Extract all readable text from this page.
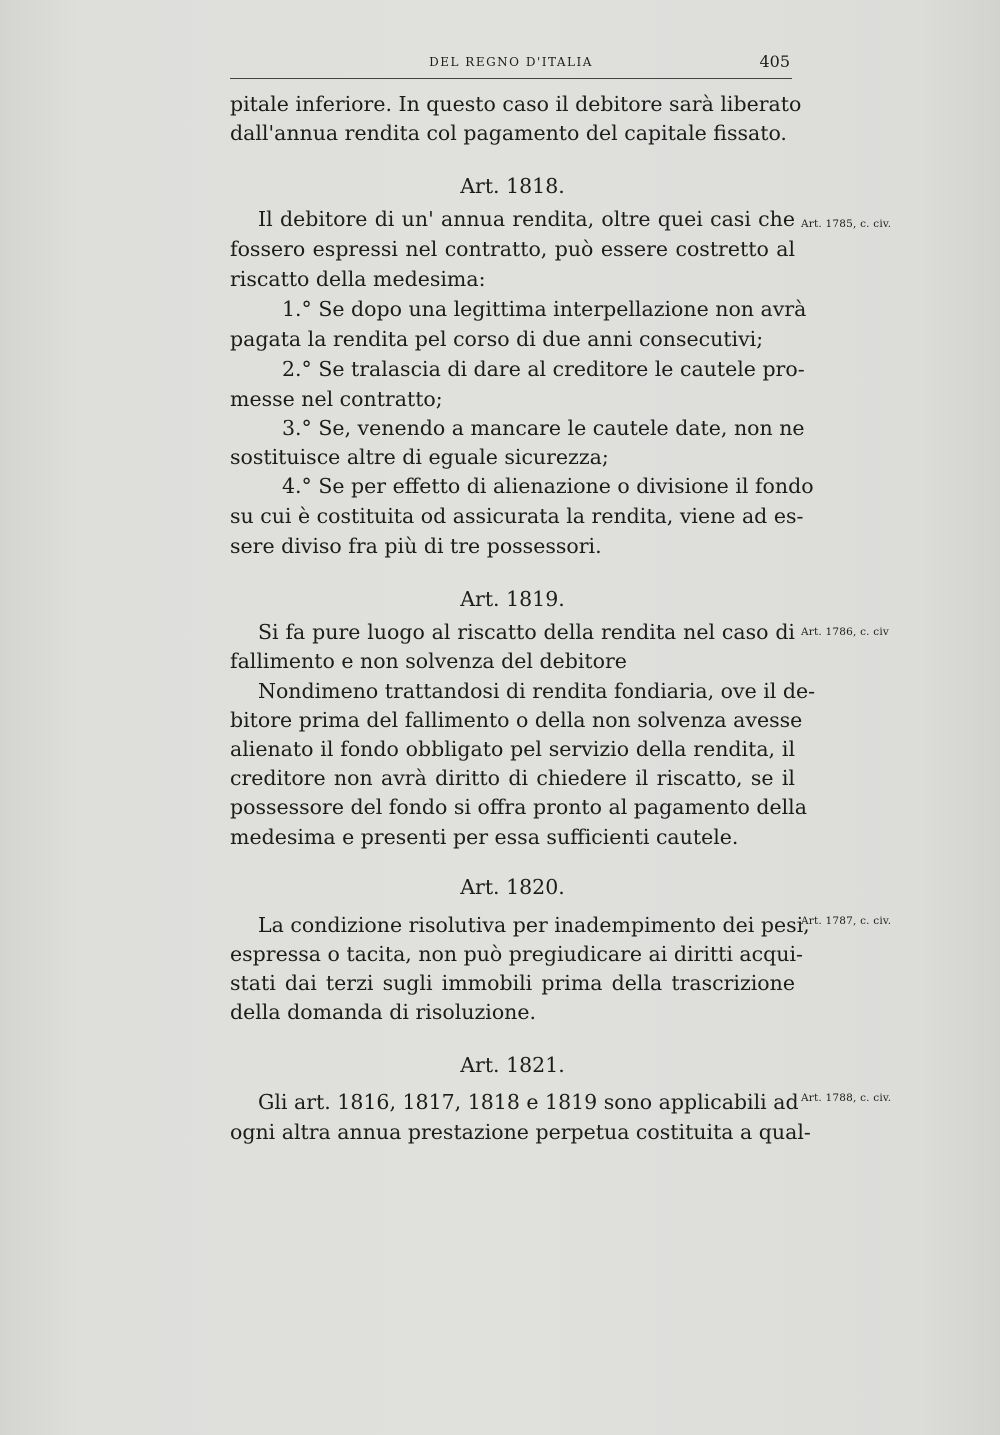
DEL REGNO D'ITALIA	405
pitale inferiore. In questo caso il debitore sarà liberato
dall'annua rendita col pagamento del capitale fissato.
Art. 1818.
Il debitore di un' annua rendita, oltre quei casi che
fossero espressi nel contratto, può essere costretto al
riscatto della medesima:
1.° Se dopo una legittima interpellazione non avrà
pagata la rendita pel corso di due anni consecutivi;
2.° Se tralascia di dare al creditore le cautele pro-
messe nel contratto;
3.° Se, venendo a mancare le cautele date, non ne
sostituisce altre di eguale sicurezza;
4.° Se per effetto di alienazione o divisione il fondo
su cui è costituita od assicurata la rendita, viene ad es-
sere diviso fra più di tre possessori.
Art. 1819.
Si fa pure luogo al riscatto della rendita nel caso di
fallimento e non solvenza del debitore
Nondimeno trattandosi di rendita fondiaria, ove il de-
bitore prima del fallimento o della non solvenza avesse
alienato il fondo obbligato pel servizio della rendita, il
creditore non avrà diritto di chiedere il riscatto, se il
possessore del fondo si offra pronto al pagamento della
medesima e presenti per essa sufficienti cautele.
Art. 1820.
La condizione risolutiva per inadempimento dei pesi,
espressa o tacita, non può pregiudicare ai diritti acqui-
stati dai terzi sugli immobili prima della trascrizione
della domanda di risoluzione.
Art. 1821.
Gli art. 1816, 1817, 1818 e 1819 sono applicabili ad
ogni altra annua prestazione perpetua costituita a qual-
Art. 1785, c. civ.
Art. 1786, c. civ
Art. 1787, c. civ.
Art. 1788, c. civ.
